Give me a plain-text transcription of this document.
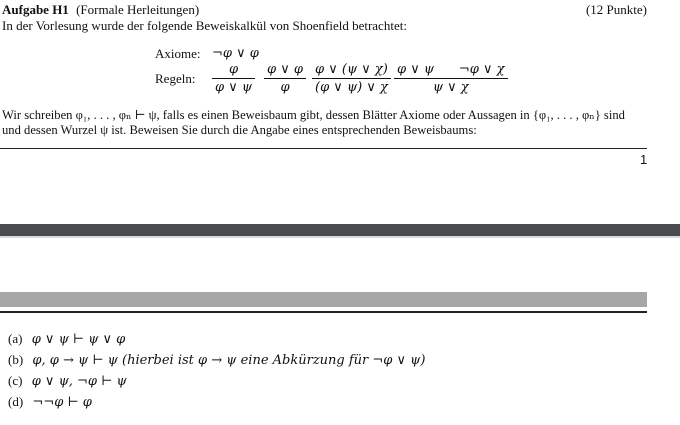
Aufgabe H1 (Formale Herleitungen)	(12 Punkte)
In der Vorlesung wurde der folgende Beweiskalkül von Shoenfield betrachtet:
Axiome: ¬φ ∨ φ
Regeln:
φ
φ ∨ ψ
φ ∨ φ
φ
φ ∨ (ψ ∨ χ)
(φ ∨ ψ) ∨ χ
φ ∨ ψ      ¬φ ∨ χ
ψ ∨ χ
Wir schreiben φ₁, . . . , φₙ ⊢ ψ, falls es einen Beweisbaum gibt, dessen Blätter Axiome oder Aussagen in {φ₁, . . . , φₙ} sind
und dessen Wurzel ψ ist. Beweisen Sie durch die Angabe eines entsprechenden Beweisbaums:
1
(a) φ ∨ ψ ⊢ ψ ∨ φ
(b) φ, φ → ψ ⊢ ψ (hierbei ist φ → ψ eine Abkürzung für ¬φ ∨ ψ)
(c) φ ∨ ψ, ¬φ ⊢ ψ
(d) ¬¬φ ⊢ φ
